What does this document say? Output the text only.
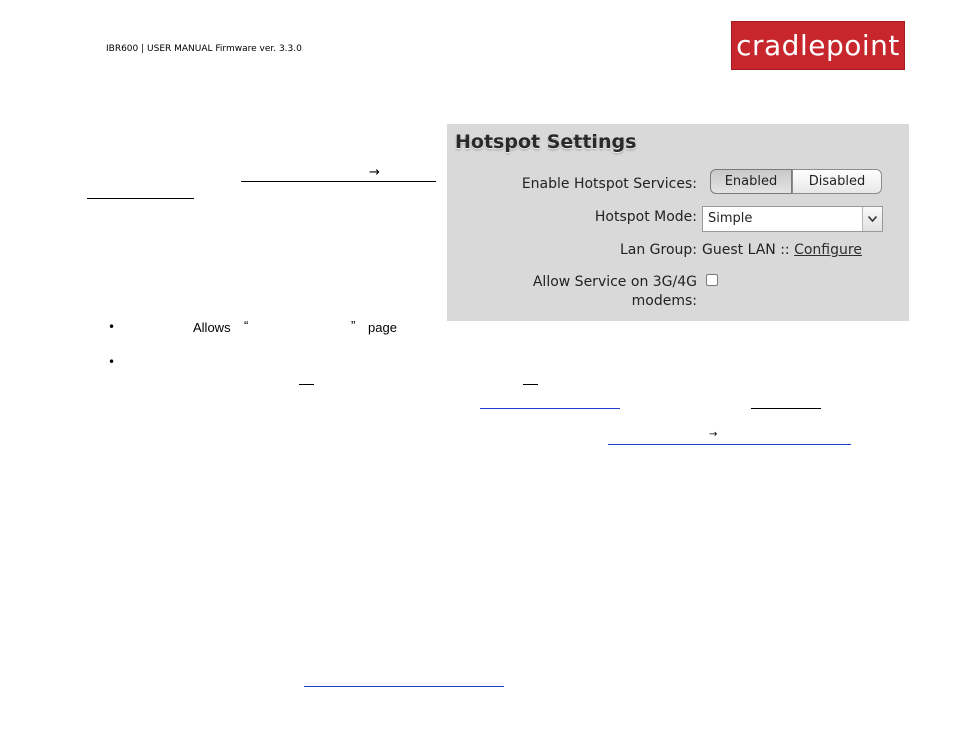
IBR600 | USER MANUAL Firmware ver. 3.3.0	cradlepoint
→
•	Allows “	” page
•
→
Hotspot Settings
Enable Hotspot Services:	Enabled	Disabled
Hotspot Mode: Simple
Lan Group: Guest LAN :: Configure
Allow Service on 3G/4G
modems:
